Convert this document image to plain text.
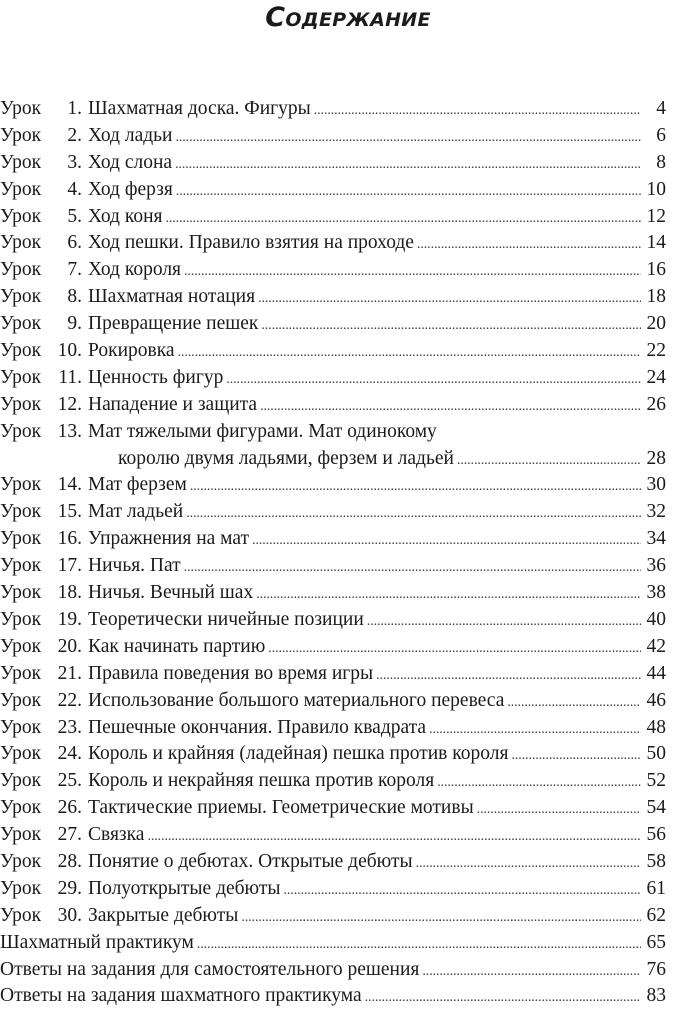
Содержание
Урок	1. Шахматная доска. Фигуры . . .	4
Урок	2. Ход ладьи . . .	6
Урок	3. Ход слона . . .	8
Урок	4. Ход ферзя . . .	10
Урок	5. Ход коня . . .	12
Урок	6. Ход пешки. Правило взятия на проходе . . .	14
Урок	7. Ход короля . . .	16
Урок	8. Шахматная нотация . . .	18
Урок	9. Превращение пешек . . .	20
Урок 10. Рокировка . . .	22
Урок 11. Ценность фигур . . .	24
Урок 12. Нападение и защита . . .	26
Урок 13. Мат тяжелыми фигурами. Мат одинокому
королю двумя ладьями, ферзем и ладьей . . .	28
Урок 14. Мат ферзем . . .	30
Урок 15. Мат ладьей . . .	32
Урок 16. Упражнения на мат . . .	34
Урок 17. Ничья. Пат . . .	36
Урок 18. Ничья. Вечный шах . . .	38
Урок 19. Теоретически ничейные позиции . . .	40
Урок 20. Как начинать партию . . .	42
Урок 21. Правила поведения во время игры . . .	44
Урок 22. Использование большого материального перевеса . . .	46
Урок 23. Пешечные окончания. Правило квадрата . . .	48
Урок 24. Король и крайняя (ладейная) пешка против короля . . .	50
Урок 25. Король и некрайняя пешка против короля . . .	52
Урок 26. Тактические приемы. Геометрические мотивы . . .	54
Урок 27. Связка . . .	56
Урок 28. Понятие о дебютах. Открытые дебюты . . .	58
Урок 29. Полуоткрытые дебюты . . .	61
Урок 30. Закрытые дебюты . . .	62
Шахматный практикум . . .	65
Ответы на задания для самостоятельного решения . . .	76
Ответы на задания шахматного практикума . . .	83
